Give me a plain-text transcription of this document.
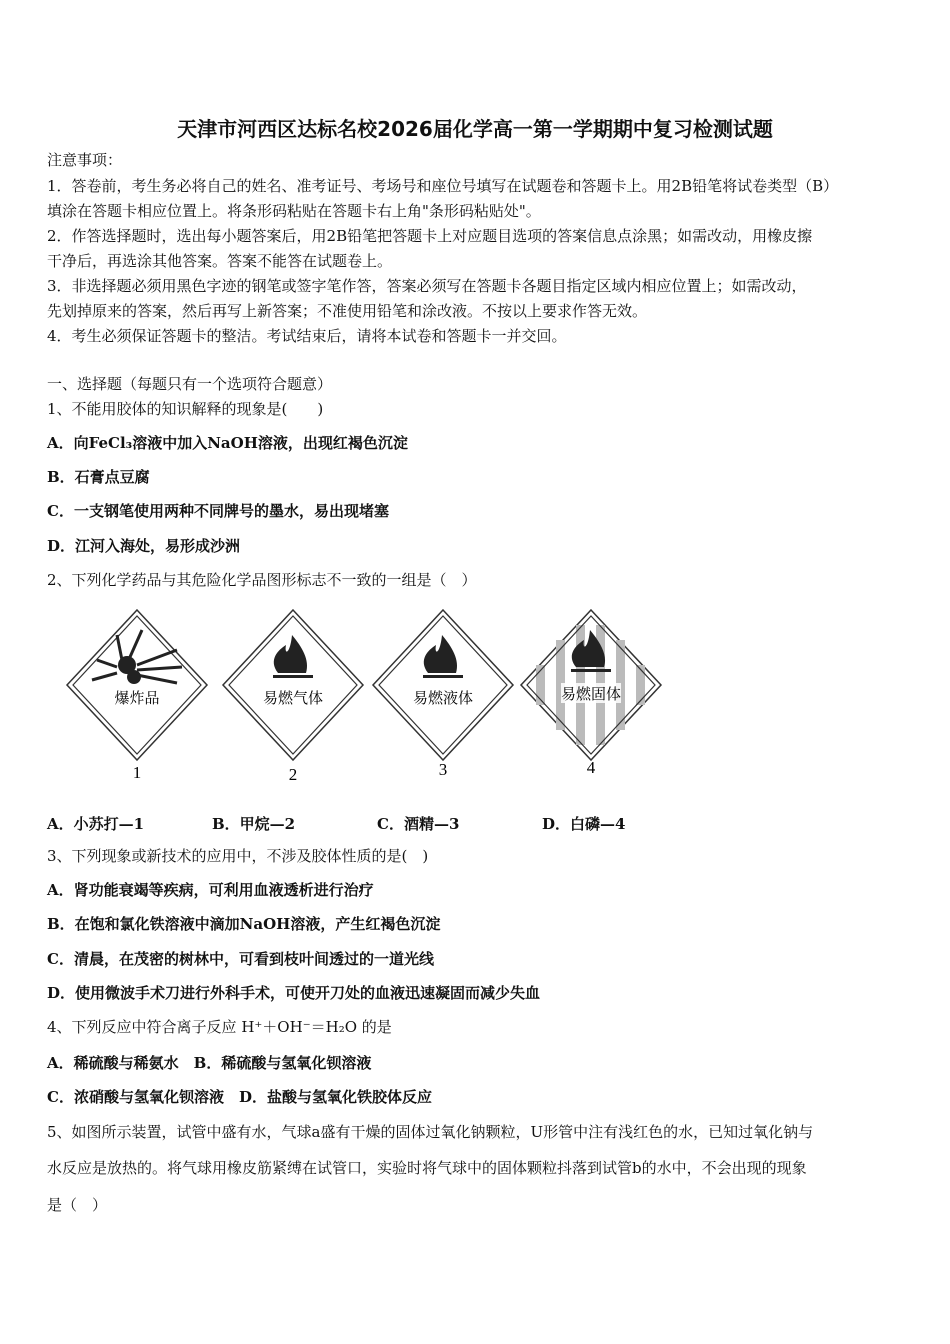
天津市河西区达标名校2026届化学高一第一学期期中复习检测试题
注意事项：
1．答卷前，考生务必将自己的姓名、准考证号、考场号和座位号填写在试题卷和答题卡上。用2B铅笔将试卷类型（B）
填涂在答题卡相应位置上。将条形码粘贴在答题卡右上角"条形码粘贴处"。
2．作答选择题时，选出每小题答案后，用2B铅笔把答题卡上对应题目选项的答案信息点涂黑；如需改动，用橡皮擦
干净后，再选涂其他答案。答案不能答在试题卷上。
3．非选择题必须用黑色字迹的钢笔或签字笔作答，答案必须写在答题卡各题目指定区域内相应位置上；如需改动，
先划掉原来的答案，然后再写上新答案；不准使用铅笔和涂改液。不按以上要求作答无效。
4．考生必须保证答题卡的整洁。考试结束后，请将本试卷和答题卡一并交回。
一、选择题（每题只有一个选项符合题意）
1、不能用胶体的知识解释的现象是(　　)
A．向FeCl₃溶液中加入NaOH溶液，出现红褐色沉淀
B．石膏点豆腐
C．一支钢笔使用两种不同牌号的墨水，易出现堵塞
D．江河入海处，易形成沙洲
2、下列化学药品与其危险化学品图形标志不一致的一组是（　）
爆炸品
1
易燃气体
2
易燃液体
3
易燃固体
4
A．小苏打—1	B．甲烷—2	C．酒精—3	D．白磷—4
3、下列现象或新技术的应用中，不涉及胶体性质的是(　)
A．肾功能衰竭等疾病，可利用血液透析进行治疗
B．在饱和氯化铁溶液中滴加NaOH溶液，产生红褐色沉淀
C．清晨，在茂密的树林中，可看到枝叶间透过的一道光线
D．使用微波手术刀进行外科手术，可使开刀处的血液迅速凝固而减少失血
4、下列反应中符合离子反应 H⁺＋OH⁻＝H₂O 的是
A．稀硫酸与稀氨水　B．稀硫酸与氢氧化钡溶液
C．浓硝酸与氢氧化钡溶液　D．盐酸与氢氧化铁胶体反应
5、如图所示装置，试管中盛有水，气球a盛有干燥的固体过氧化钠颗粒，U形管中注有浅红色的水，已知过氧化钠与
水反应是放热的。将气球用橡皮筋紧缚在试管口，实验时将气球中的固体颗粒抖落到试管b的水中，不会出现的现象
是（　）
